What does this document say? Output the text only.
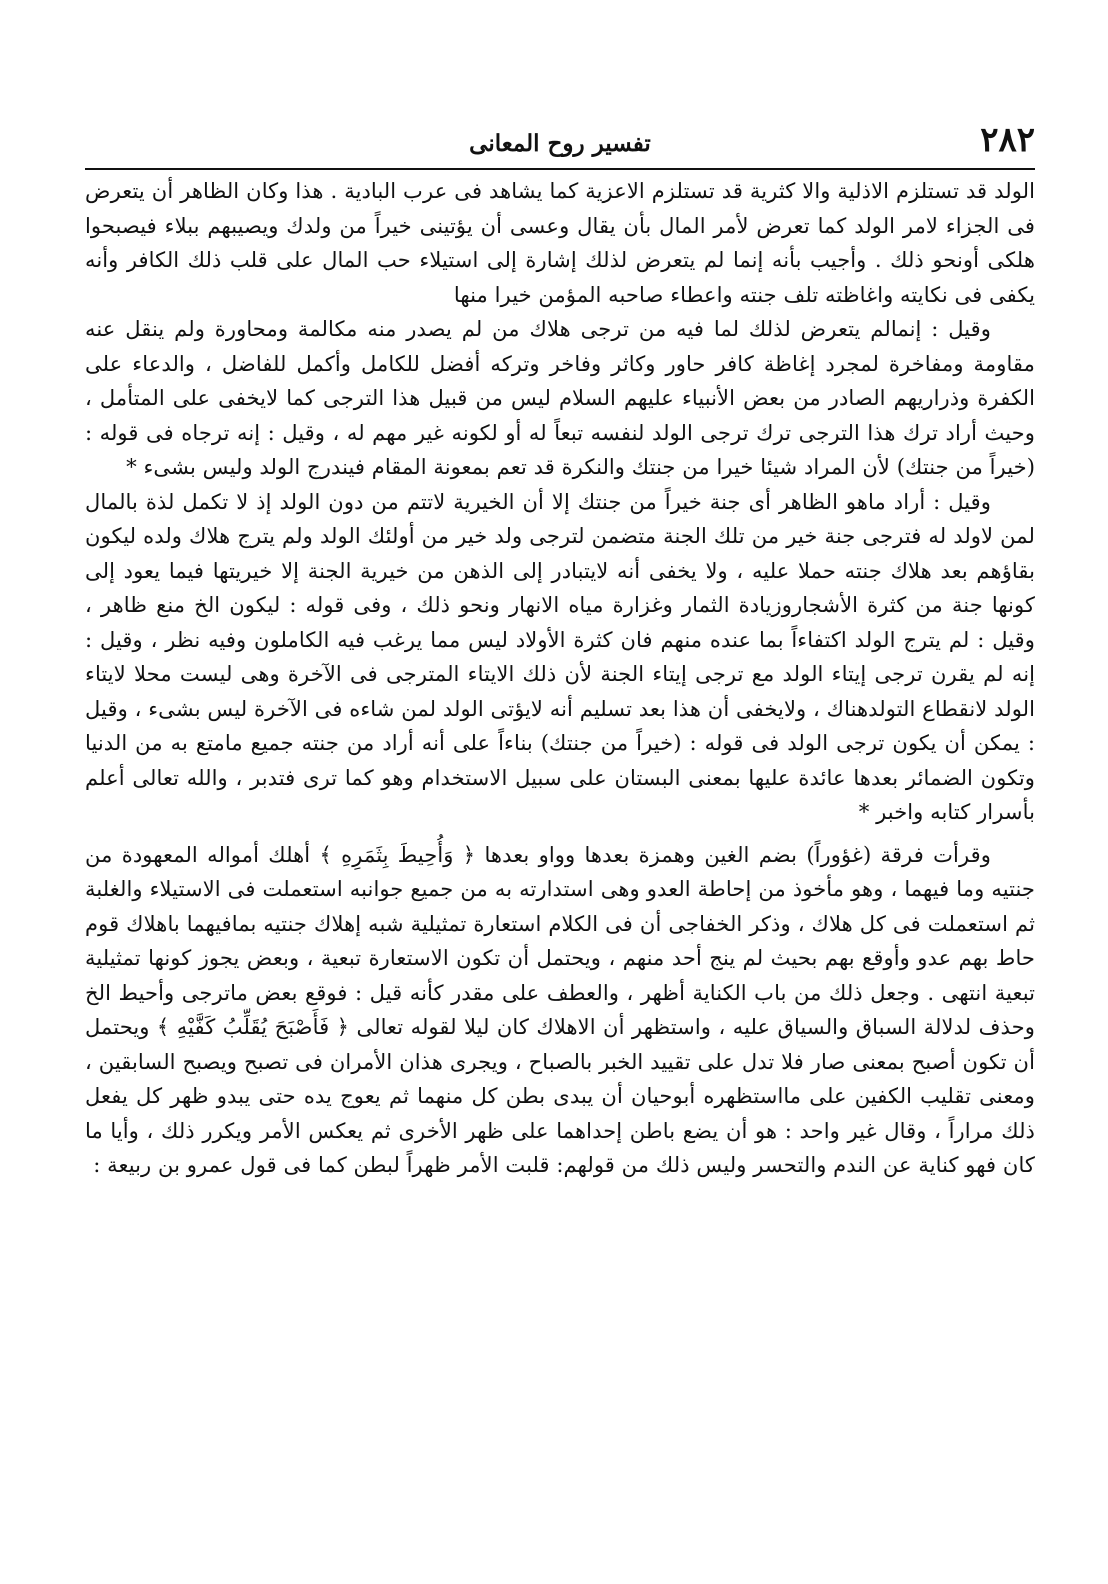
٢٨٢
تفسير روح المعانى

الولد قد تستلزم الاذلية والا كثرية قد تستلزم الاعزية كما يشاهد فى عرب البادية . هذا وكان الظاهر أن يتعرض فى الجزاء لامر الولد كما تعرض لأمر المال بأن يقال وعسى أن يؤتينى خيراً من ولدك ويصيبهم ببلاء فيصبحوا هلكى أونحو ذلك . وأجيب بأنه إنما لم يتعرض لذلك إشارة إلى استيلاء حب المال على قلب ذلك الكافر وأنه يكفى فى نكايته واغاظته تلف جنته واعطاء صاحبه المؤمن خيرا منها

وقيل : إنمالم يتعرض لذلك لما فيه من ترجى هلاك من لم يصدر منه مكالمة ومحاورة ولم ينقل عنه مقاومة ومفاخرة لمجرد إغاظة كافر حاور وكاثر وفاخر وتركه أفضل للكامل وأكمل للفاضل ، والدعاء على الكفرة وذراريهم الصادر من بعض الأنبياء عليهم السلام ليس من قبيل هذا الترجى كما لايخفى على المتأمل ، وحيث أراد ترك هذا الترجى ترك ترجى الولد لنفسه تبعاً له أو لكونه غير مهم له ، وقيل : إنه ترجاه فى قوله :(خيراً من جنتك) لأن المراد شيئا خيرا من جنتك والنكرة قد تعم بمعونة المقام فيندرج الولد وليس بشىء *

وقيل : أراد ماهو الظاهر أى جنة خيراً من جنتك إلا أن الخيرية لاتتم من دون الولد إذ لا تكمل لذة بالمال لمن لاولد له فترجى جنة خير من تلك الجنة متضمن لترجى ولد خير من أولئك الولد ولم يترج هلاك ولده ليكون بقاؤهم بعد هلاك جنته حملا عليه ، ولا يخفى أنه لايتبادر إلى الذهن من خيرية الجنة إلا خيريتها فيما يعود إلى كونها جنة من كثرة الأشجاروزيادة الثمار وغزارة مياه الانهار ونحو ذلك ، وفى قوله : ليكون الخ منع ظاهر ، وقيل : لم يترج الولد اكتفاءاً بما عنده منهم فان كثرة الأولاد ليس مما يرغب فيه الكاملون وفيه نظر ، وقيل : إنه لم يقرن ترجى إيتاء الولد مع ترجى إيتاء الجنة لأن ذلك الايتاء المترجى فى الآخرة وهى ليست محلا لايتاء الولد لانقطاع التولدهناك ، ولايخفى أن هذا بعد تسليم أنه لايؤتى الولد لمن شاءه فى الآخرة ليس بشىء ، وقيل : يمكن أن يكون ترجى الولد فى قوله : (خيراً من جنتك) بناءاً على أنه أراد من جنته جميع مامتع به من الدنيا وتكون الضمائر بعدها عائدة عليها بمعنى البستان على سبيل الاستخدام وهو كما ترى فتدبر ، والله تعالى أعلم بأسرار كتابه واخبر *

وقرأت فرقة (غؤوراً) بضم الغين وهمزة بعدها وواو بعدها ﴿ وَأُحِيطَ بِثَمَرِهِ ﴾ أهلك أمواله المعهودة من جنتيه وما فيهما ، وهو مأخوذ من إحاطة العدو وهى استدارته به من جميع جوانبه استعملت فى الاستيلاء والغلبة ثم استعملت فى كل هلاك ، وذكر الخفاجى أن فى الكلام استعارة تمثيلية شبه إهلاك جنتيه بمافيهما باهلاك قوم حاط بهم عدو وأوقع بهم بحيث لم ينج أحد منهم ، ويحتمل أن تكون الاستعارة تبعية ، وبعض يجوز كونها تمثيلية تبعية انتهى . وجعل ذلك من باب الكناية أظهر ، والعطف على مقدر كأنه قيل : فوقع بعض ماترجى وأحيط الخ وحذف لدلالة السباق والسياق عليه ، واستظهر أن الاهلاك كان ليلا لقوله تعالى ﴿ فَأَصْبَحَ يُقَلِّبُ كَفَّيْهِ ﴾ ويحتمل أن تكون أصبح بمعنى صار فلا تدل على تقييد الخبر بالصباح ، ويجرى هذان الأمران فى تصبح ويصبح السابقين ، ومعنى تقليب الكفين على مااستظهره أبوحيان أن يبدى بطن كل منهما ثم يعوج يده حتى يبدو ظهر كل يفعل ذلك مراراً ، وقال غير واحد : هو أن يضع باطن إحداهما على ظهر الأخرى ثم يعكس الأمر ويكرر ذلك ، وأيا ما كان فهو كناية عن الندم والتحسر وليس ذلك من قولهم: قلبت الأمر ظهراً لبطن كما فى قول عمرو بن ربيعة :
